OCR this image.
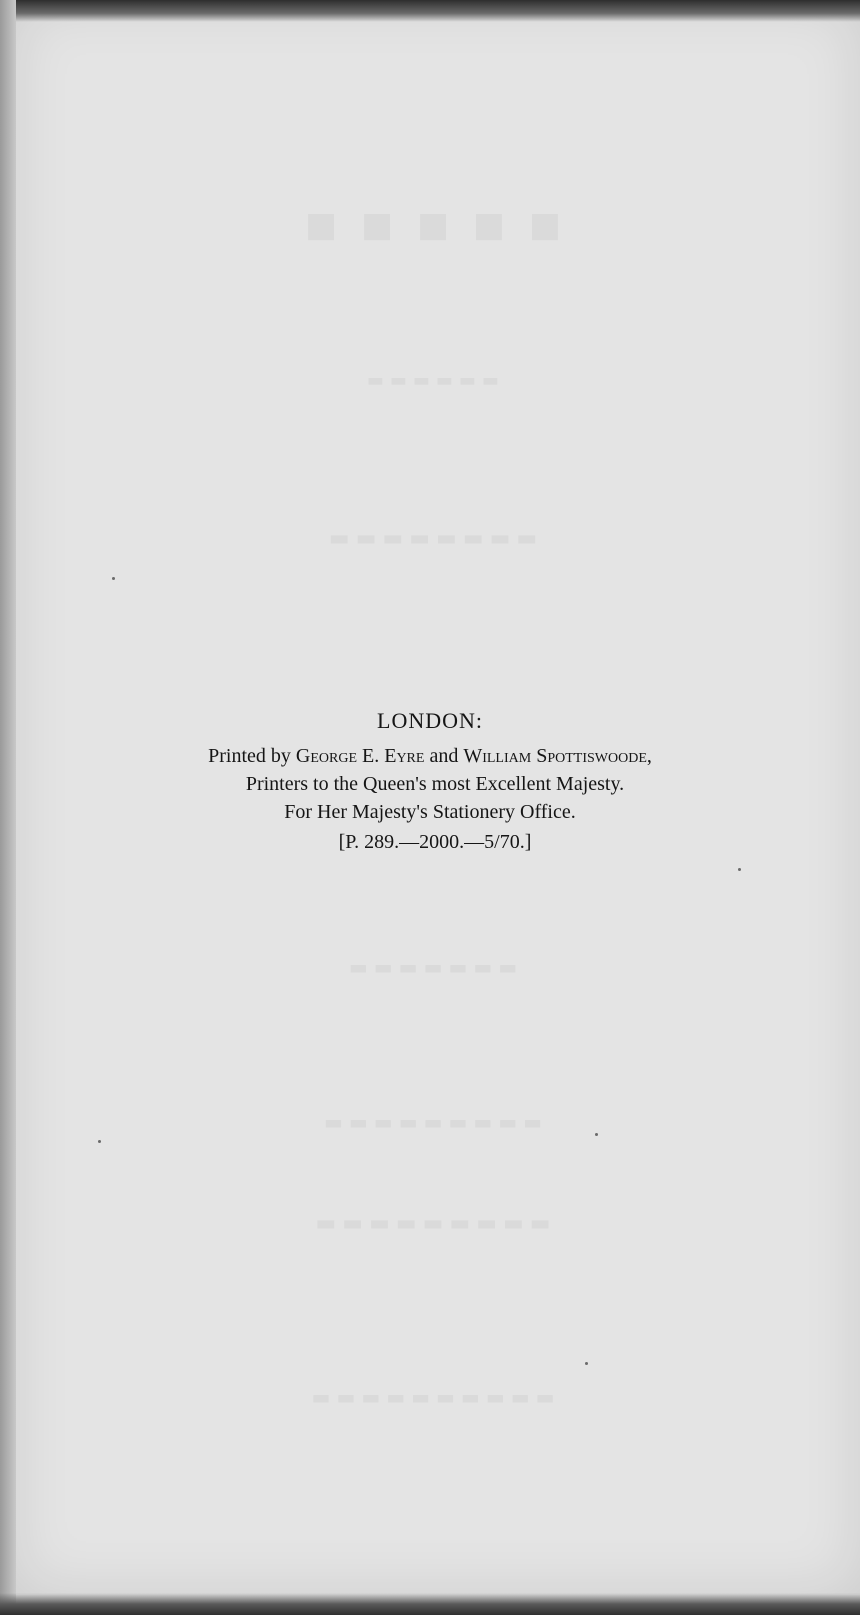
■ ■ ■ ■ ■
▬▬▬▬▬▬
▬▬▬▬▬▬▬▬
▬▬▬▬▬▬▬
▬▬▬▬▬▬▬▬▬
▬▬▬▬▬▬▬▬▬
▬▬▬▬▬▬▬▬▬▬
LONDON:
Printed by George E. Eyre and William Spottiswoode,
Printers to the Queen's most Excellent Majesty.
For Her Majesty's Stationery Office.
[P. 289.—2000.—5/70.]
